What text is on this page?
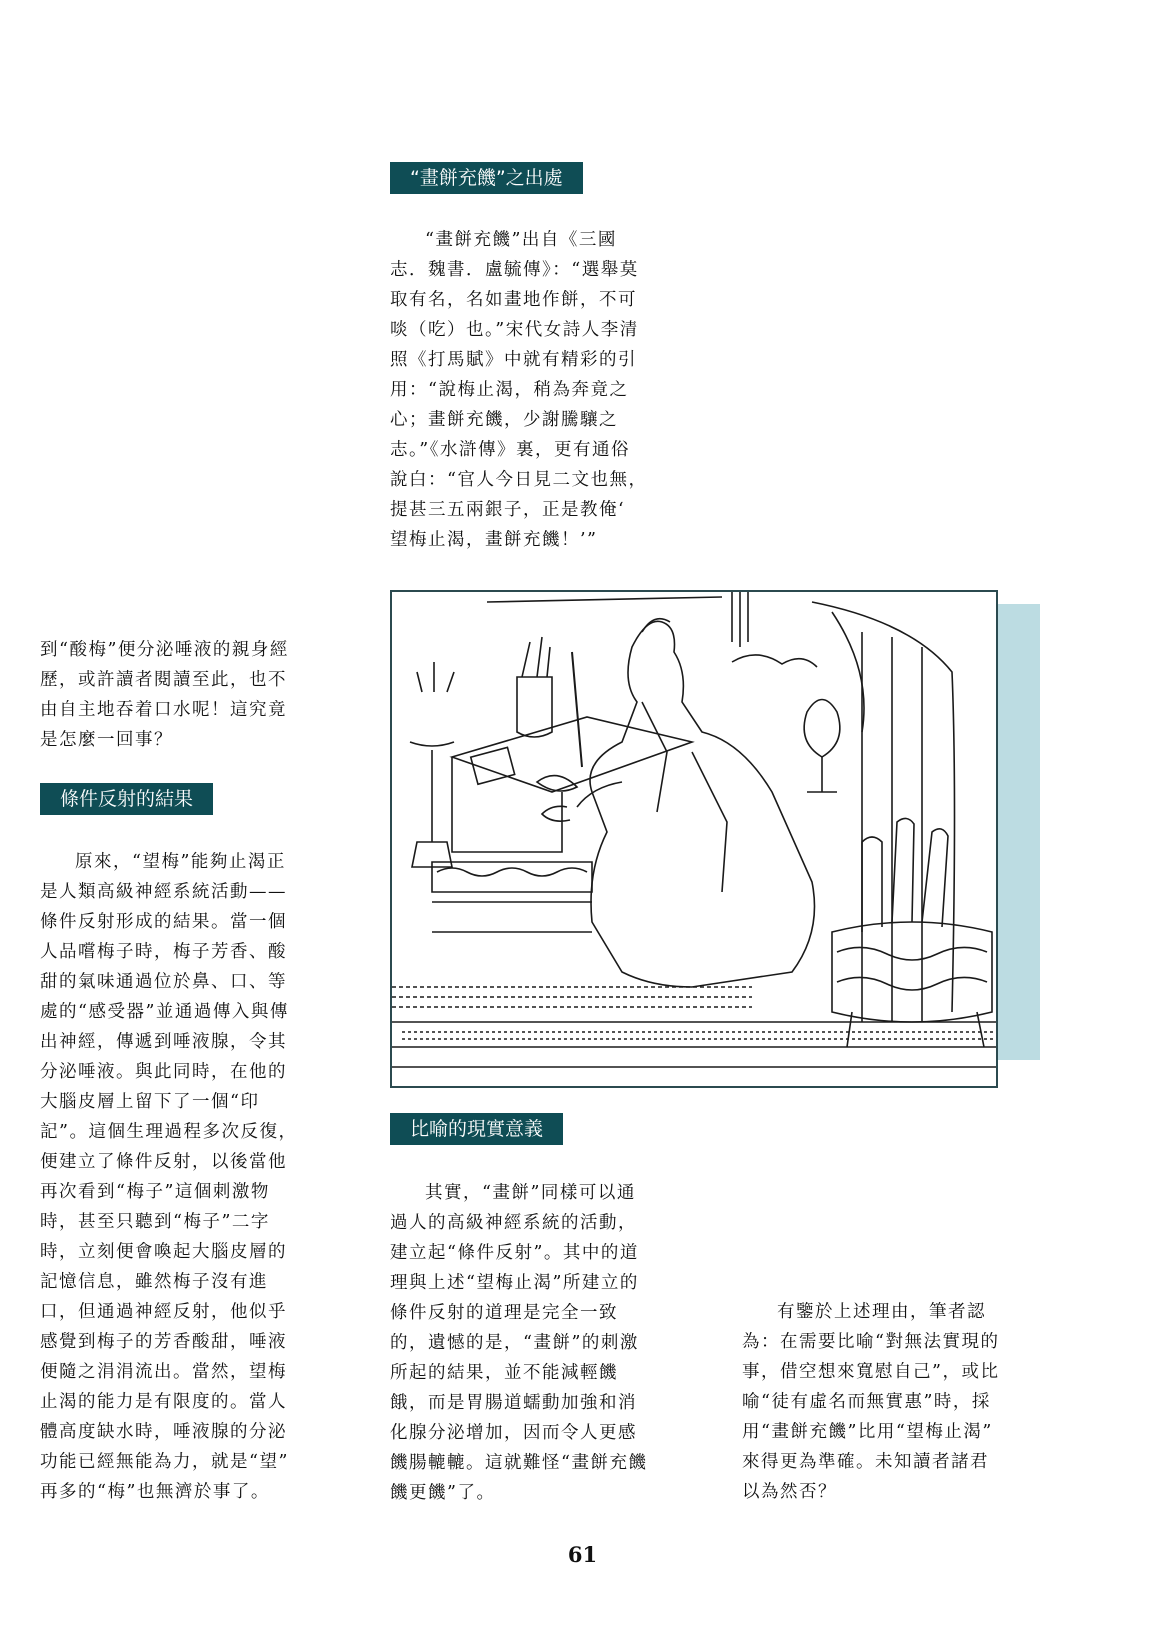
“畫餅充饑”之出處

“畫餅充饑”出自《三國

志．魏書．盧毓傳》：“選舉莫

取有名，名如畫地作餅，不可

啖（吃）也。”宋代女詩人李清

照《打馬賦》中就有精彩的引

用：“說梅止渴，稍為奔竟之

心；畫餅充饑，少謝騰驤之

志。”《水滸傳》裏，更有通俗

說白：“官人今日見二文也無，

提甚三五兩銀子，正是教俺‘

望梅止渴，畫餅充饑！’”

到“酸梅”便分泌唾液的親身經

歷，或許讀者閱讀至此，也不

由自主地吞着口水呢！這究竟

是怎麼一回事？

條件反射的結果

原來，“望梅”能夠止渴正

是人類高級神經系統活動——

條件反射形成的結果。當一個

人品嚐梅子時，梅子芳香、酸

甜的氣味通過位於鼻、口、等

處的“感受器”並通過傳入與傳

出神經，傳遞到唾液腺，令其

分泌唾液。與此同時，在他的

大腦皮層上留下了一個“印

記”。這個生理過程多次反復，

便建立了條件反射，以後當他

再次看到“梅子”這個刺激物

時，甚至只聽到“梅子”二字

時，立刻便會喚起大腦皮層的

記憶信息，雖然梅子沒有進

口，但通過神經反射，他似乎

感覺到梅子的芳香酸甜，唾液

便隨之涓涓流出。當然，望梅

止渴的能力是有限度的。當人

體高度缺水時，唾液腺的分泌

功能已經無能為力，就是“望”

再多的“梅”也無濟於事了。

比喻的現實意義

其實，“畫餅”同樣可以通

過人的高級神經系統的活動，

建立起“條件反射”。其中的道

理與上述“望梅止渴”所建立的

條件反射的道理是完全一致

的，遺憾的是，“畫餅”的刺激

所起的結果，並不能減輕饑

餓，而是胃腸道蠕動加強和消

化腺分泌增加，因而令人更感

饑腸轆轆。這就難怪“畫餅充饑

饑更饑”了。

有鑒於上述理由，筆者認

為：在需要比喻“對無法實現的

事，借空想來寬慰自己”，或比

喻“徒有虛名而無實惠”時，採

用“畫餅充饑”比用“望梅止渴”

來得更為準確。未知讀者諸君

以為然否？

61
